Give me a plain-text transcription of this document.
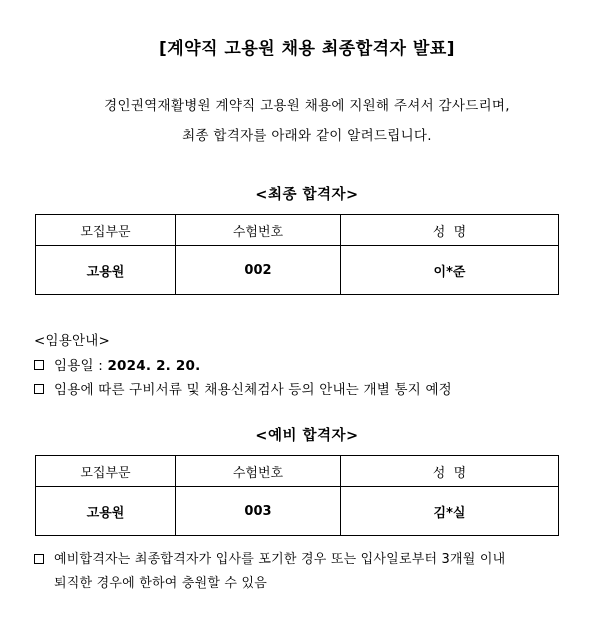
[계약직 고용원 채용 최종합격자 발표]
경인권역재활병원 계약직 고용원 채용에 지원해 주셔서 감사드리며,
최종 합격자를 아래와 같이 알려드립니다.
<최종 합격자>
모집부문	수험번호	성  명
고용원	002	이*준
<임용안내>
임용일 : 2024. 2. 20.
임용에 따른 구비서류 및 채용신체검사 등의 안내는 개별 통지 예정
<예비 합격자>
모집부문	수험번호	성  명
고용원	003	김*실
예비합격자는 최종합격자가 입사를 포기한 경우 또는 입사일로부터 3개월 이내
퇴직한 경우에 한하여 충원할 수 있음
